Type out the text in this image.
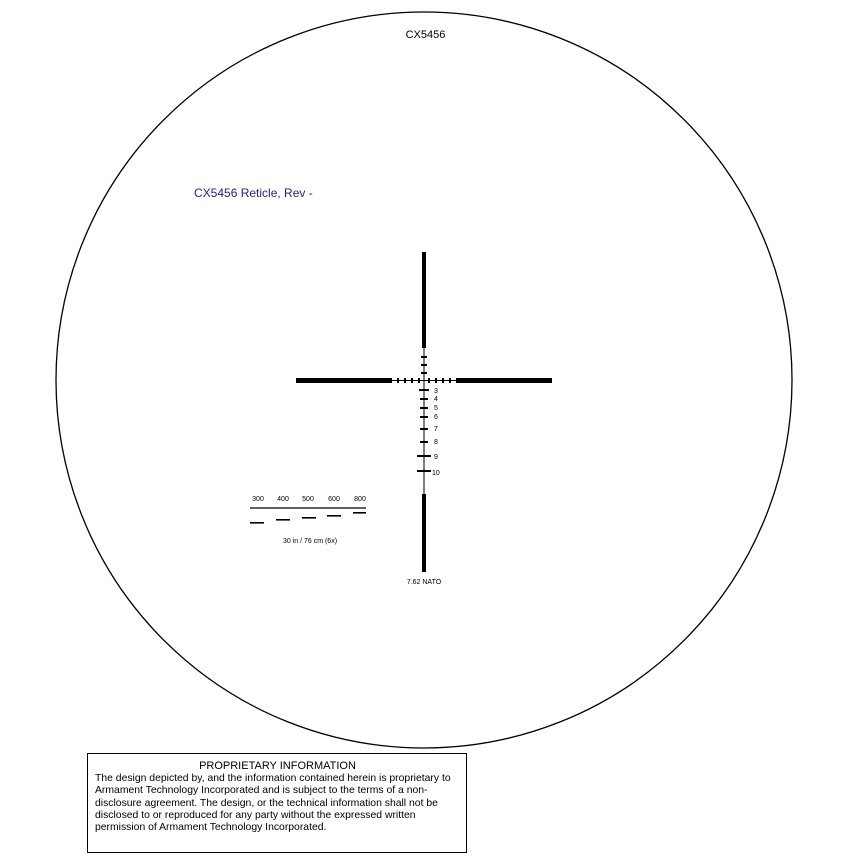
CX5456
CX5456 Reticle, Rev -
3
4
5
6
7
8
9
10
7.62 NATO
300 400 500 600 800
30 in / 76 cm (6x)
PROPRIETARY INFORMATION

The design depicted by, and the information contained herein is proprietary to Armament Technology Incorporated and is subject to the terms of a non-disclosure agreement. The design, or the technical information shall not be disclosed to or reproduced for any party without the expressed written permission of Armament Technology Incorporated.
